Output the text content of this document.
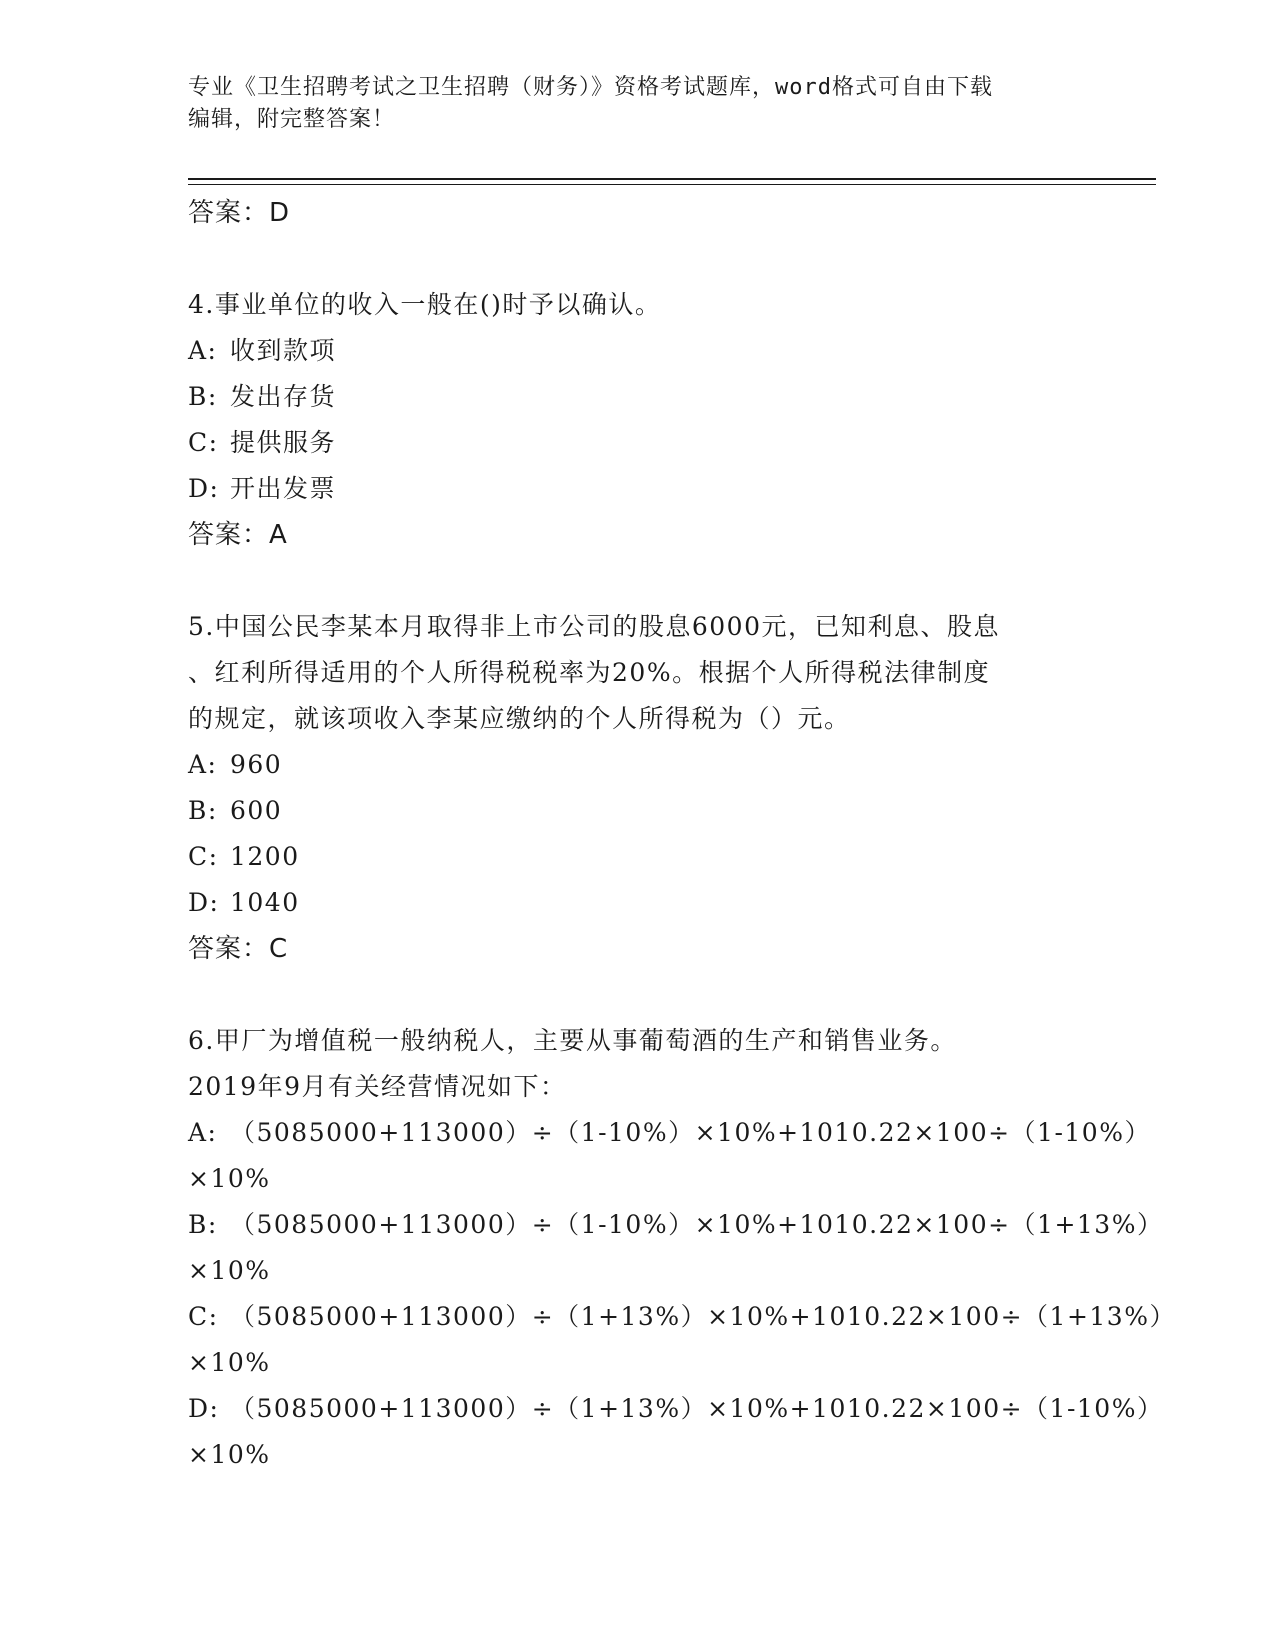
专业《卫生招聘考试之卫生招聘（财务）》资格考试题库，word格式可自由下载
编辑，附完整答案！
答案：D
4.事业单位的收入一般在()时予以确认。
A: 收到款项
B: 发出存货
C: 提供服务
D: 开出发票
答案：A
5.中国公民李某本月取得非上市公司的股息6000元，已知利息、股息
、红利所得适用的个人所得税税率为20%。根据个人所得税法律制度
的规定，就该项收入李某应缴纳的个人所得税为（）元。
A: 960
B: 600
C: 1200
D: 1040
答案：C
6.甲厂为增值税一般纳税人，主要从事葡萄酒的生产和销售业务。
2019年9月有关经营情况如下：
A: （5085000+113000）÷（1-10%）×10%+1010.22×100÷（1-10%）
×10%
B: （5085000+113000）÷（1-10%）×10%+1010.22×100÷（1+13%）
×10%
C: （5085000+113000）÷（1+13%）×10%+1010.22×100÷（1+13%）
×10%
D: （5085000+113000）÷（1+13%）×10%+1010.22×100÷（1-10%）
×10%
